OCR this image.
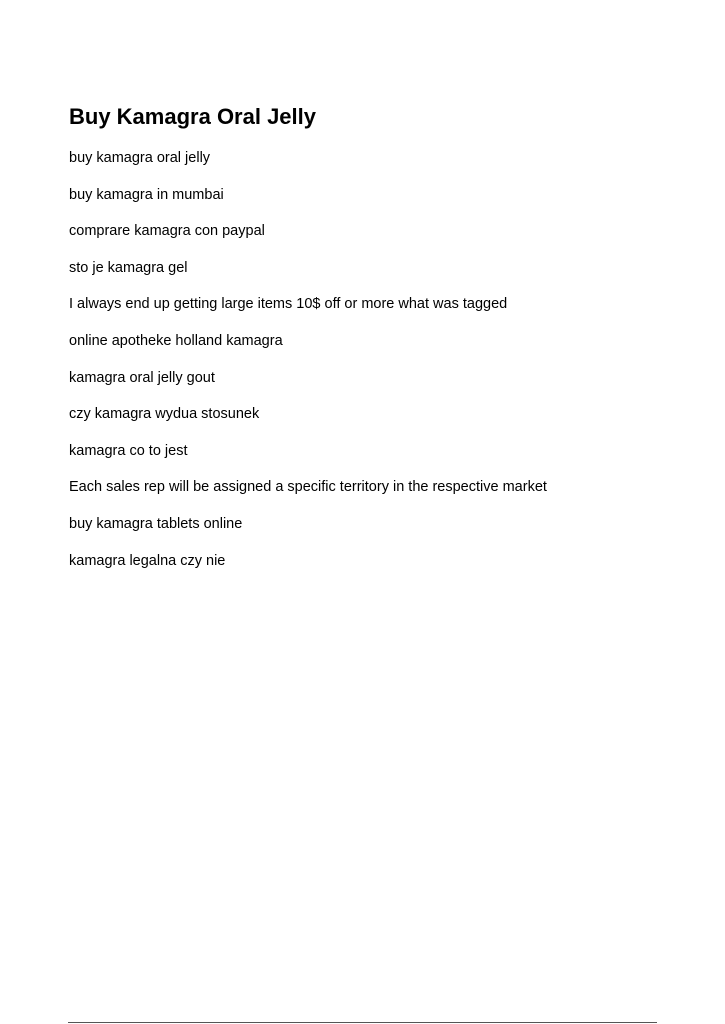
Buy Kamagra Oral Jelly
buy kamagra oral jelly
buy kamagra in mumbai
comprare kamagra con paypal
sto je kamagra gel
I always end up getting large items 10$ off or more what was tagged
online apotheke holland kamagra
kamagra oral jelly gout
czy kamagra wydua stosunek
kamagra co to jest
Each sales rep will be assigned a specific territory in the respective market
buy kamagra tablets online
kamagra legalna czy nie
